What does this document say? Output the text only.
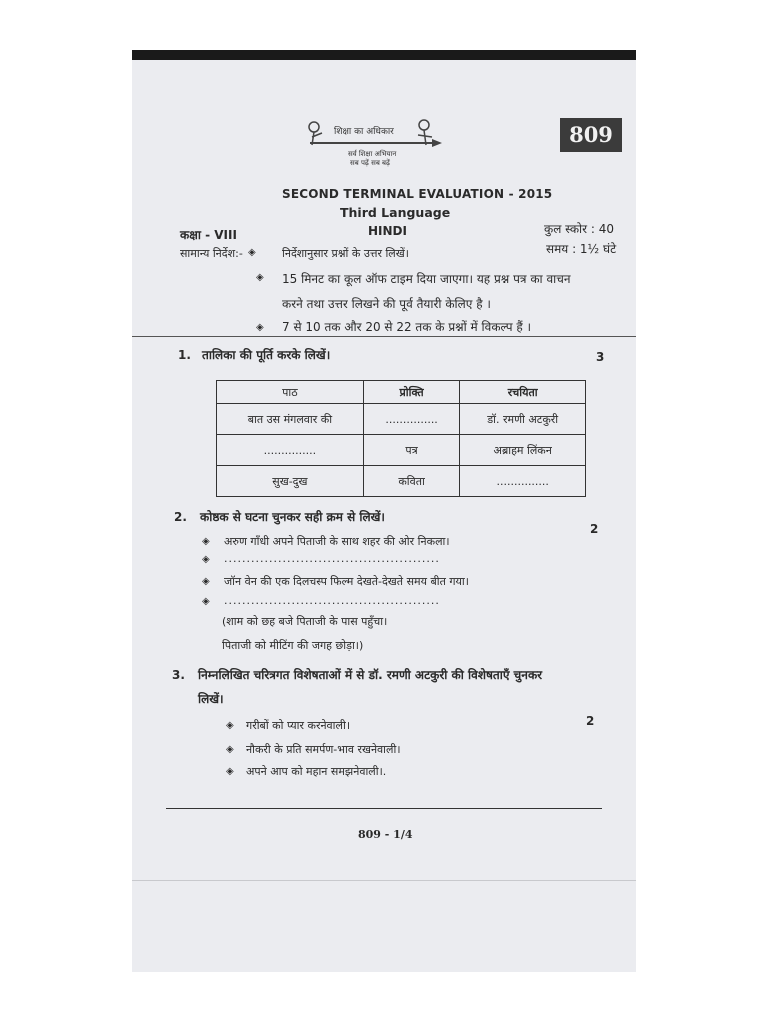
शिक्षा का अधिकार
सर्व शिक्षा अभियान
सब पढ़ें सब बढ़ें
809
SECOND TERMINAL EVALUATION - 2015
Third Language
कक्षा - VIII	HINDI	कुल स्कोर : 40
समय : 1½ घंटे
सामान्य निर्देश:- ◈ निर्देशानुसार प्रश्नों के उत्तर लिखें।
◈ 15 मिनट का कूल ऑफ टाइम दिया जाएगा। यह प्रश्न पत्र का वाचन
करने तथा उत्तर लिखने की पूर्व तैयारी केलिए है ।
◈ 7 से 10 तक और 20 से 22 तक के प्रश्नों में विकल्प हैं ।
1. तालिका की पूर्ति करके लिखें।	3
पाठ	प्रोक्ति	रचयिता
बात उस मंगलवार की	...............	डॉ. रमणी अटकुरी
...............	पत्र	अब्राहम लिंकन
सुख-दुख	कविता	...............
2. कोष्ठक से घटना चुनकर सही क्रम से लिखें।
2
◈ अरुण गाँधी अपने पिताजी के साथ शहर की ओर निकला।
◈ ................................................
◈ जॉन वेन की एक दिलचस्प फिल्म देखते-देखते समय बीत गया।
◈ ................................................
(शाम को छह बजे पिताजी के पास पहुँचा।
पिताजी को मीटिंग की जगह छोड़ा।)
3. निम्नलिखित चरित्रगत विशेषताओं में से डॉ. रमणी अटकुरी की विशेषताएँ चुनकर
लिखें।
2
◈ गरीबों को प्यार करनेवाली।
◈ नौकरी के प्रति समर्पण-भाव रखनेवाली।
◈ अपने आप को महान समझनेवाली।.
809 - 1/4
